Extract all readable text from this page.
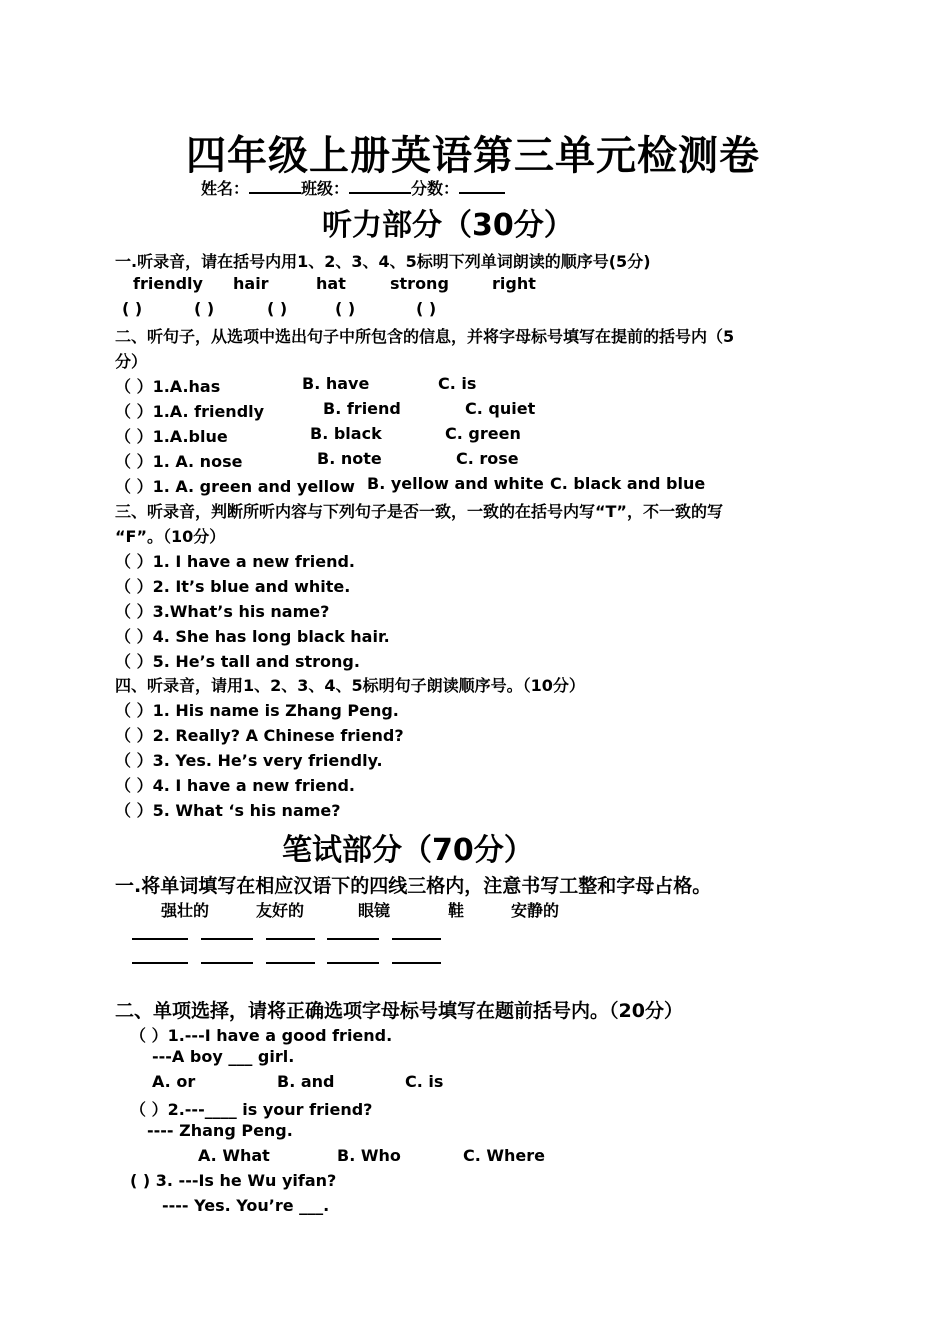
四年级上册英语第三单元检测卷
姓名：	班级：	分数：
听力部分（30分）
一.听录音，请在括号内用1、2、3、4、5标明下列单词朗读的顺序号(5分)
friendly hair	hat	strong	right
( )	( )	( )	( )	( )
二、听句子，从选项中选出句子中所包含的信息，并将字母标号填写在提前的括号内（5
分）
（ ）1.A.has	B. have	C. is
（ ）1.A. friendly	B. friend	C. quiet
（ ）1.A.blue	B. black	C. green
（ ）1. A. nose	B. note	C. rose
（ ）1. A. green and yellow B. yellow and white C. black and blue
三、听录音，判断所听内容与下列句子是否一致，一致的在括号内写“T”，不一致的写
“F”。（10分）
（ ）1. I have a new friend.
（ ）2. It’s blue and white.
（ ）3.What’s his name?
（ ）4. She has long black hair.
（ ）5. He’s tall and strong.
四、听录音，请用1、2、3、4、5标明句子朗读顺序号。（10分）
（ ）1. His name is Zhang Peng.
（ ）2. Really? A Chinese friend?
（ ）3. Yes. He’s very friendly.
（ ）4. I have a new friend.
（ ）5. What ‘s his name?
笔试部分（70分）
一.将单词填写在相应汉语下的四线三格内，注意书写工整和字母占格。
强壮的	友好的	眼镜	鞋	安静的
二、单项选择，请将正确选项字母标号填写在题前括号内。（20分）
（ ）1.---I have a good friend.
---A boy ___ girl.
A. or	B. and	C. is
（ ）2.---____ is your friend?
---- Zhang Peng.
A. What	B. Who	C. Where
( ) 3. ---Is he Wu yifan?
---- Yes. You’re ___.
